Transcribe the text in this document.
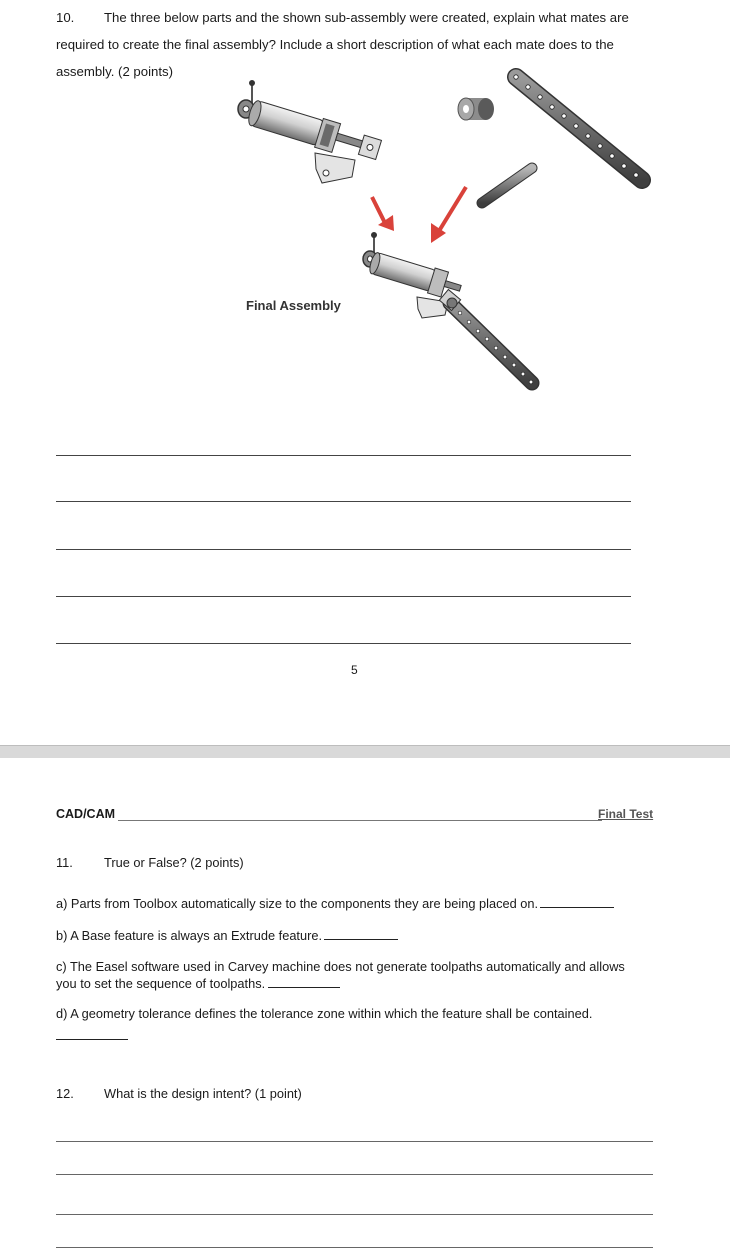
10. The three below parts and the shown sub-assembly were created, explain what mates are
required to create the final assembly? Include a short description of what each mate does to the
assembly. (2 points)
Final Assembly
5
CAD/CAM	Final Test
11. True or False? (2 points)
a) Parts from Toolbox automatically size to the components they are being placed on.
b) A Base feature is always an Extrude feature.
c) The Easel software used in Carvey machine does not generate toolpaths automatically and allows
you to set the sequence of toolpaths.
d) A geometry tolerance defines the tolerance zone within which the feature shall be contained.
12. What is the design intent? (1 point)
